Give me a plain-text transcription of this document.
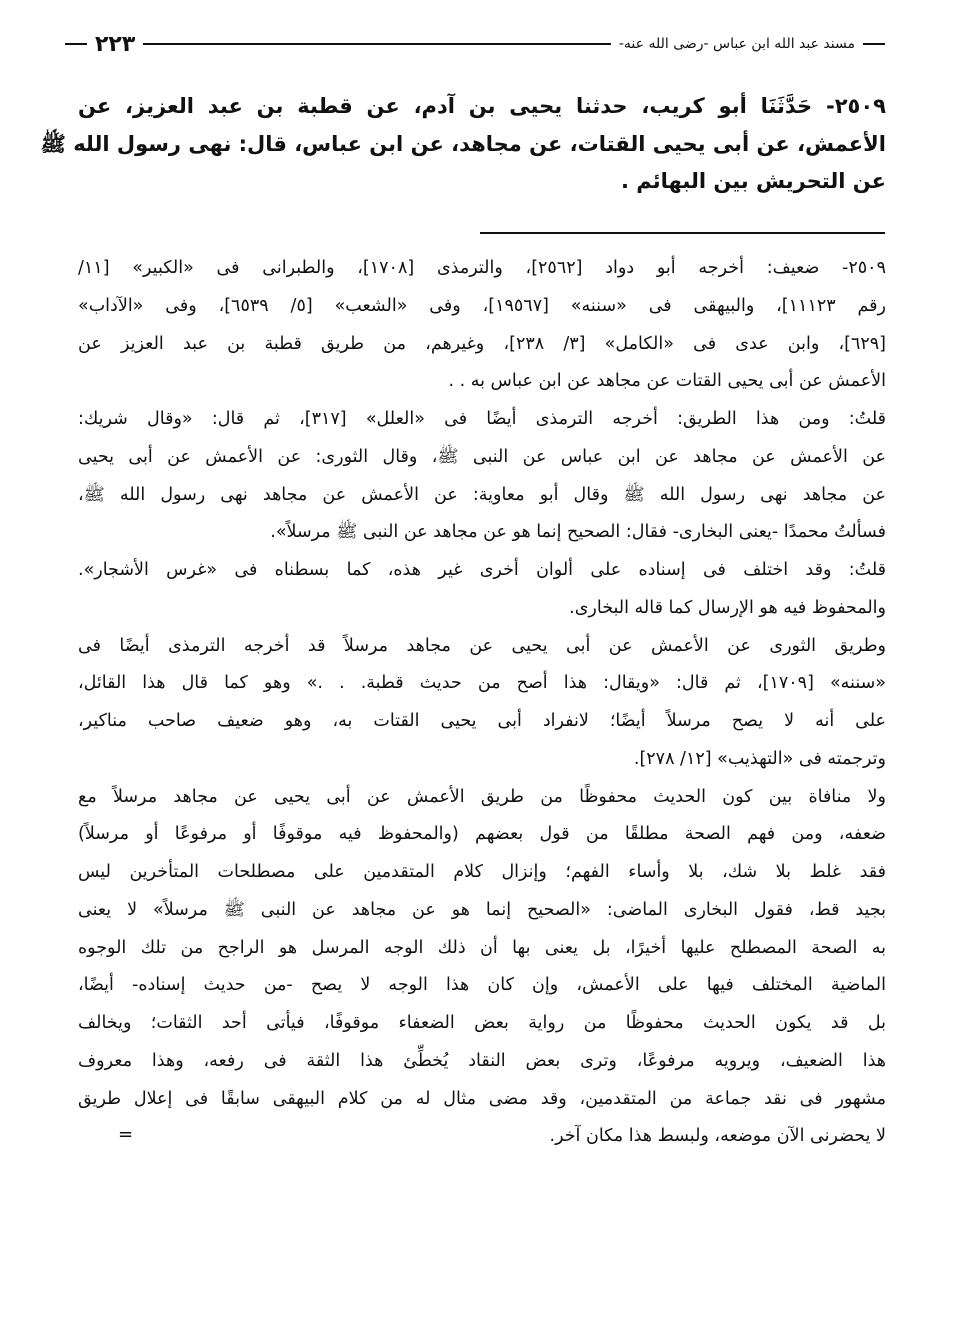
مسند عبد الله ابن عباس -رضى الله عنه-
٢٢٣
٢٥٠٩- حَدَّثَنَا أبو كريب، حدثنا يحيى بن آدم، عن قطبة بن عبد العزيز، عن
الأعمش، عن أبى يحيى القتات، عن مجاهد، عن ابن عباس، قال: نهى رسول الله ﷺ
عن التحريش بين البهائم .
٢٥٠٩- ضعيف: أخرجه أبو دواد [٢٥٦٢]، والترمذى [١٧٠٨]، والطبرانى فى «الكبير» [١١/
رقم ١١١٢٣]، والبيهقى فى «سننه» [١٩٥٦٧]، وفى «الشعب» [٥/ ٦٥٣٩]، وفى «الآداب»
[٦٢٩]، وابن عدى فى «الكامل» [٣/ ٢٣٨]، وغيرهم، من طريق قطبة بن عبد العزيز عن
الأعمش عن أبى يحيى القتات عن مجاهد عن ابن عباس به . .
قلتُ: ومن هذا الطريق: أخرجه الترمذى أيضًا فى «العلل» [٣١٧]، ثم قال: «وقال شريك:
عن الأعمش عن مجاهد عن ابن عباس عن النبى ﷺ، وقال الثورى: عن الأعمش عن أبى يحيى
عن مجاهد نهى رسول الله ﷺ وقال أبو معاوية: عن الأعمش عن مجاهد نهى رسول الله ﷺ،
فسألتُ محمدًا -يعنى البخارى- فقال: الصحيح إنما هو عن مجاهد عن النبى ﷺ مرسلاً».
قلتُ: وقد اختلف فى إسناده على ألوان أخرى غير هذه، كما بسطناه فى «غرس الأشجار».
والمحفوظ فيه هو الإرسال كما قاله البخارى.
وطريق الثورى عن الأعمش عن أبى يحيى عن مجاهد مرسلاً قد أخرجه الترمذى أيضًا فى
«سننه» [١٧٠٩]، ثم قال: «ويقال: هذا أصح من حديث قطبة. . .» وهو كما قال هذا القائل،
على أنه لا يصح مرسلاً أيضًا؛ لانفراد أبى يحيى القتات به، وهو ضعيف صاحب مناكير،
وترجمته فى «التهذيب» [١٢/ ٢٧٨].
ولا منافاة بين كون الحديث محفوظًا من طريق الأعمش عن أبى يحيى عن مجاهد مرسلاً مع
ضعفه، ومن فهم الصحة مطلقًا من قول بعضهم (والمحفوظ فيه موقوفًا أو مرفوعًا أو مرسلاً)
فقد غلط بلا شك، بلا وأساء الفهم؛ وإنزال كلام المتقدمين على مصطلحات المتأخرين ليس
بجيد قط، فقول البخارى الماضى: «الصحيح إنما هو عن مجاهد عن النبى ﷺ مرسلاً» لا يعنى
به الصحة المصطلح عليها أخيرًا، بل يعنى بها أن ذلك الوجه المرسل هو الراجح من تلك الوجوه
الماضية المختلف فيها على الأعمش، وإن كان هذا الوجه لا يصح -من حديث إسناده- أيضًا،
بل قد يكون الحديث محفوظًا من رواية بعض الضعفاء موقوفًا، فيأتى أحد الثقات؛ ويخالف
هذا الضعيف، ويرويه مرفوعًا، وترى بعض النقاد يُخطِّئ هذا الثقة فى رفعه، وهذا معروف
مشهور فى نقد جماعة من المتقدمين، وقد مضى مثال له من كلام البيهقى سابقًا فى إعلال طريق
لا يحضرنى الآن موضعه، ولبسط هذا مكان آخر.
=
